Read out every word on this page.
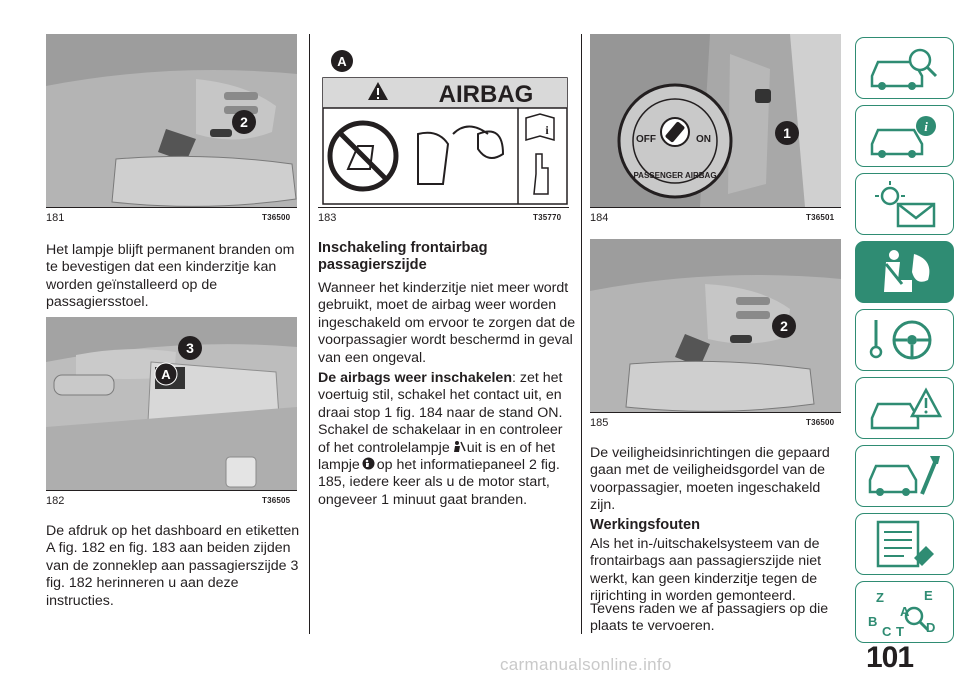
2
181	T36500

Het lampje blijft permanent branden om te bevestigen dat een kinderzitje kan worden geïnstalleerd op de passagiersstoel.

A
3
182	T36505

De afdruk op het dashboard en etiketten A fig. 182 en fig. 183 aan beiden zijden van de zonneklep aan passagierszijde 3 fig. 182 herinneren u aan deze instructies.

A
AIRBAG
i
183	T35770

Inschakeling frontairbag passagierszijde

Wanneer het kinderzitje niet meer wordt gebruikt, moet de airbag weer worden ingeschakeld om ervoor te zorgen dat de voorpassagier wordt beschermd in geval van een ongeval.

De airbags weer inschakelen: zet het voertuig stil, schakel het contact uit, en draai stop 1 fig. 184 naar de stand ON. Schakel de schakelaar in en controleer of het controlelampje uit is en of het lampje op het informatiepaneel 2 fig. 185, iedere keer als u de motor start, ongeveer 1 minuut gaat branden.

OFF	ON
PASSENGER AIRBAG
1
184	T36501
2
185	T36500

De veiligheidsinrichtingen die gepaard gaan met de veiligheidsgordel van de voorpassagier, moeten ingeschakeld zijn.

Werkingsfouten

Als het in-/uitschakelsysteem van de frontairbags aan passagierszijde niet werkt, kan geen kinderzitje tegen de rijrichting in worden gemonteerd.

Tevens raden we af passagiers op die plaats te vervoeren.

i
Z	E
A
B
C T D
101
carmanualsonline.info
